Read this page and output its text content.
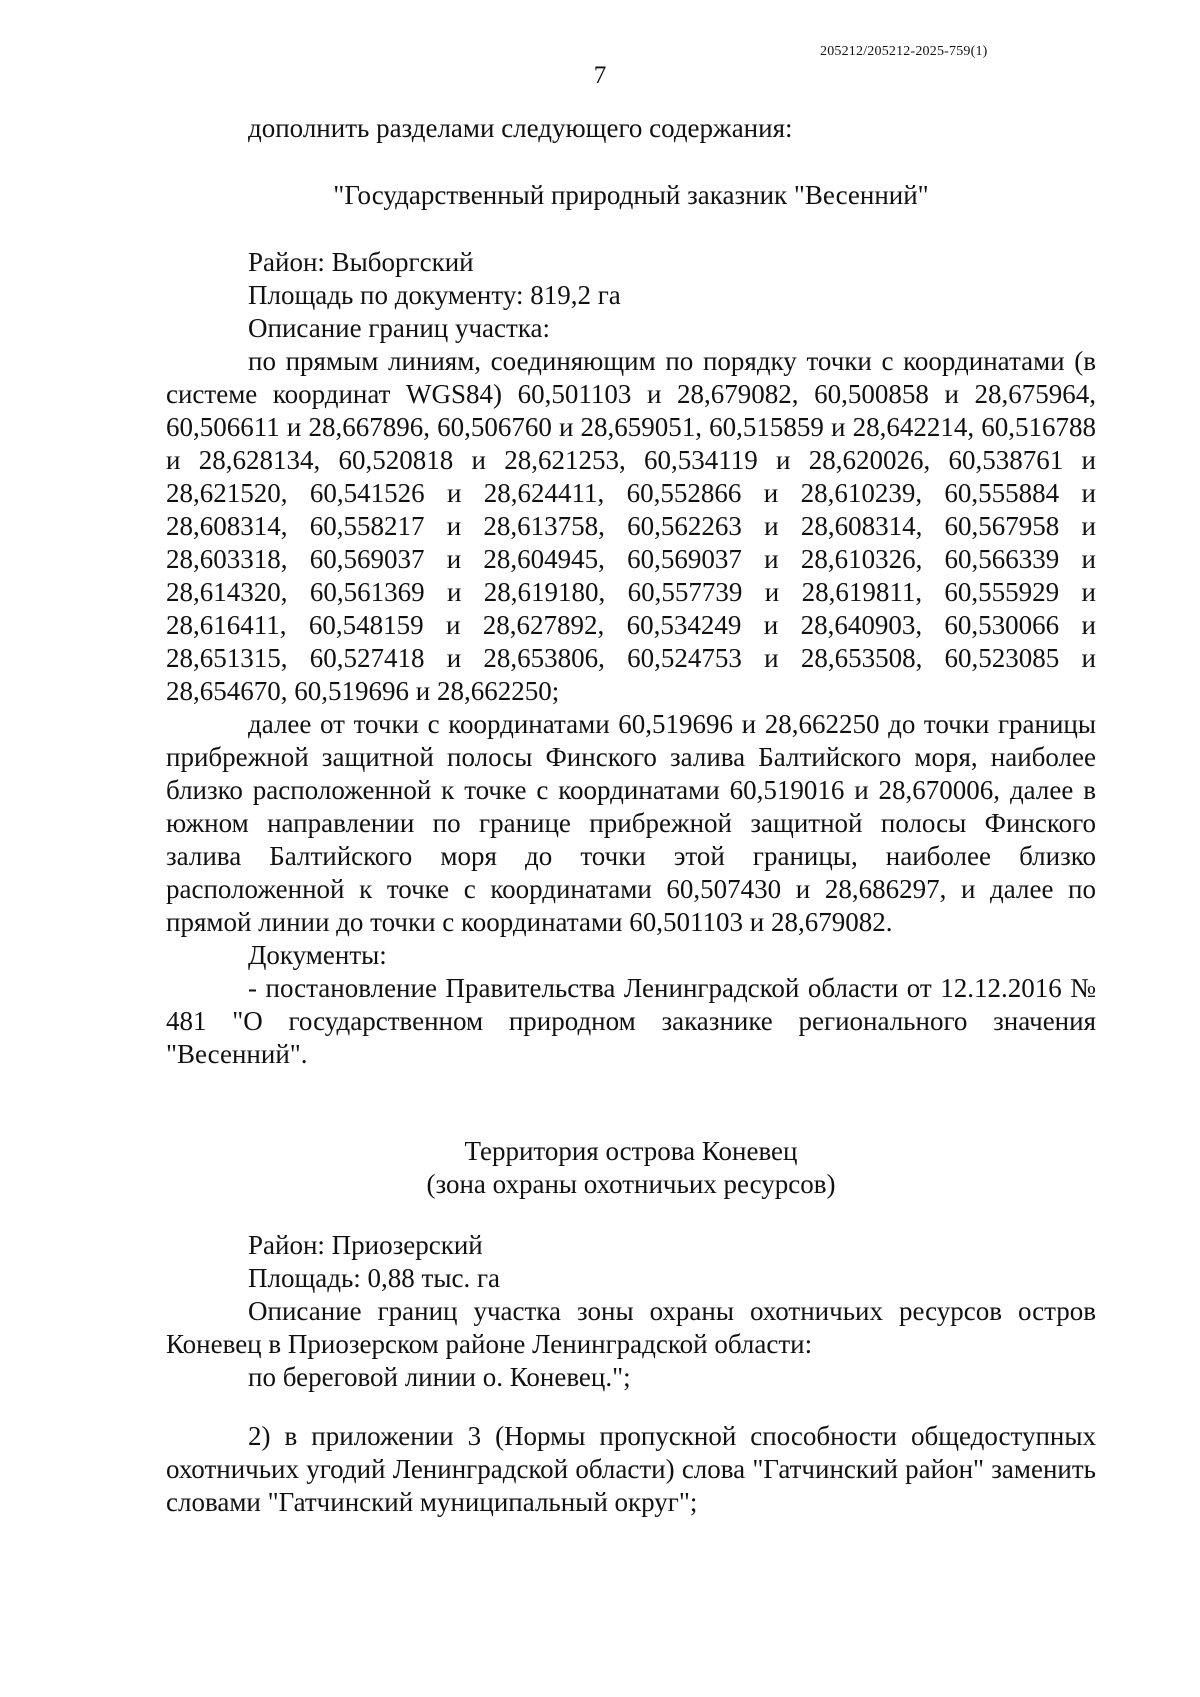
205212/205212-2025-759(1)
7

дополнить разделами следующего содержания:

"Государственный природный заказник "Весенний"

Район: Выборгский

Площадь по документу: 819,2 га

Описание границ участка:

по прямым линиям, соединяющим по порядку точки с координатами (в системе координат WGS84) 60,501103 и 28,679082, 60,500858 и 28,675964, 60,506611 и 28,667896, 60,506760 и 28,659051, 60,515859 и 28,642214, 60,516788 и 28,628134, 60,520818 и 28,621253, 60,534119 и 28,620026, 60,538761 и 28,621520, 60,541526 и 28,624411, 60,552866 и 28,610239, 60,555884 и 28,608314, 60,558217 и 28,613758, 60,562263 и 28,608314, 60,567958 и 28,603318, 60,569037 и 28,604945, 60,569037 и 28,610326, 60,566339 и 28,614320, 60,561369 и 28,619180, 60,557739 и 28,619811, 60,555929 и 28,616411, 60,548159 и 28,627892, 60,534249 и 28,640903, 60,530066 и 28,651315, 60,527418 и 28,653806, 60,524753 и 28,653508, 60,523085 и 28,654670, 60,519696 и 28,662250;

далее от точки с координатами 60,519696 и 28,662250 до точки границы прибрежной защитной полосы Финского залива Балтийского моря, наиболее близко расположенной к точке с координатами 60,519016 и 28,670006, далее в южном направлении по границе прибрежной защитной полосы Финского залива Балтийского моря до точки этой границы, наиболее близко расположенной к точке с координатами 60,507430 и 28,686297, и далее по прямой линии до точки с координатами 60,501103 и 28,679082.

Документы:

- постановление Правительства Ленинградской области от 12.12.2016 № 481 "О государственном природном заказнике регионального значения "Весенний".

Территория острова Коневец

(зона охраны охотничьих ресурсов)

Район: Приозерский

Площадь: 0,88 тыс. га

Описание границ участка зоны охраны охотничьих ресурсов остров Коневец в Приозерском районе Ленинградской области:

по береговой линии о. Коневец.";

2) в приложении 3 (Нормы пропускной способности общедоступных охотничьих угодий Ленинградской области) слова "Гатчинский район" заменить словами "Гатчинский муниципальный округ";
